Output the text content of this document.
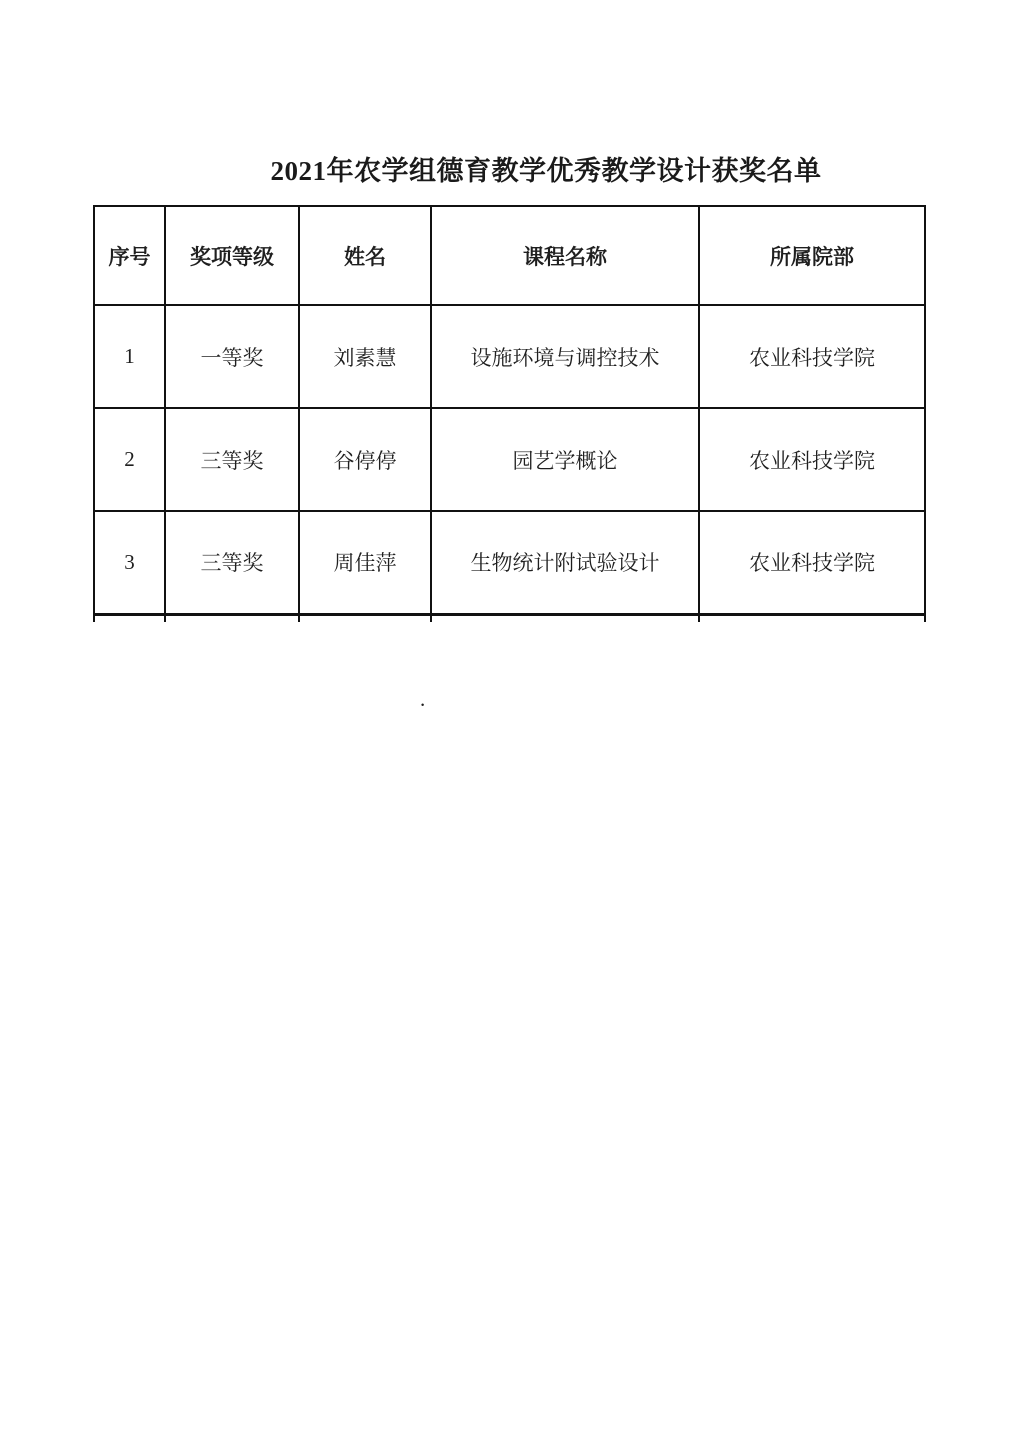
2021年农学组德育教学优秀教学设计获奖名单
序号	奖项等级	姓名	课程名称	所属院部
1	一等奖	刘素慧	设施环境与调控技术	农业科技学院
2	三等奖	谷停停	园艺学概论	农业科技学院
3	三等奖	周佳萍	生物统计附试验设计	农业科技学院

.
